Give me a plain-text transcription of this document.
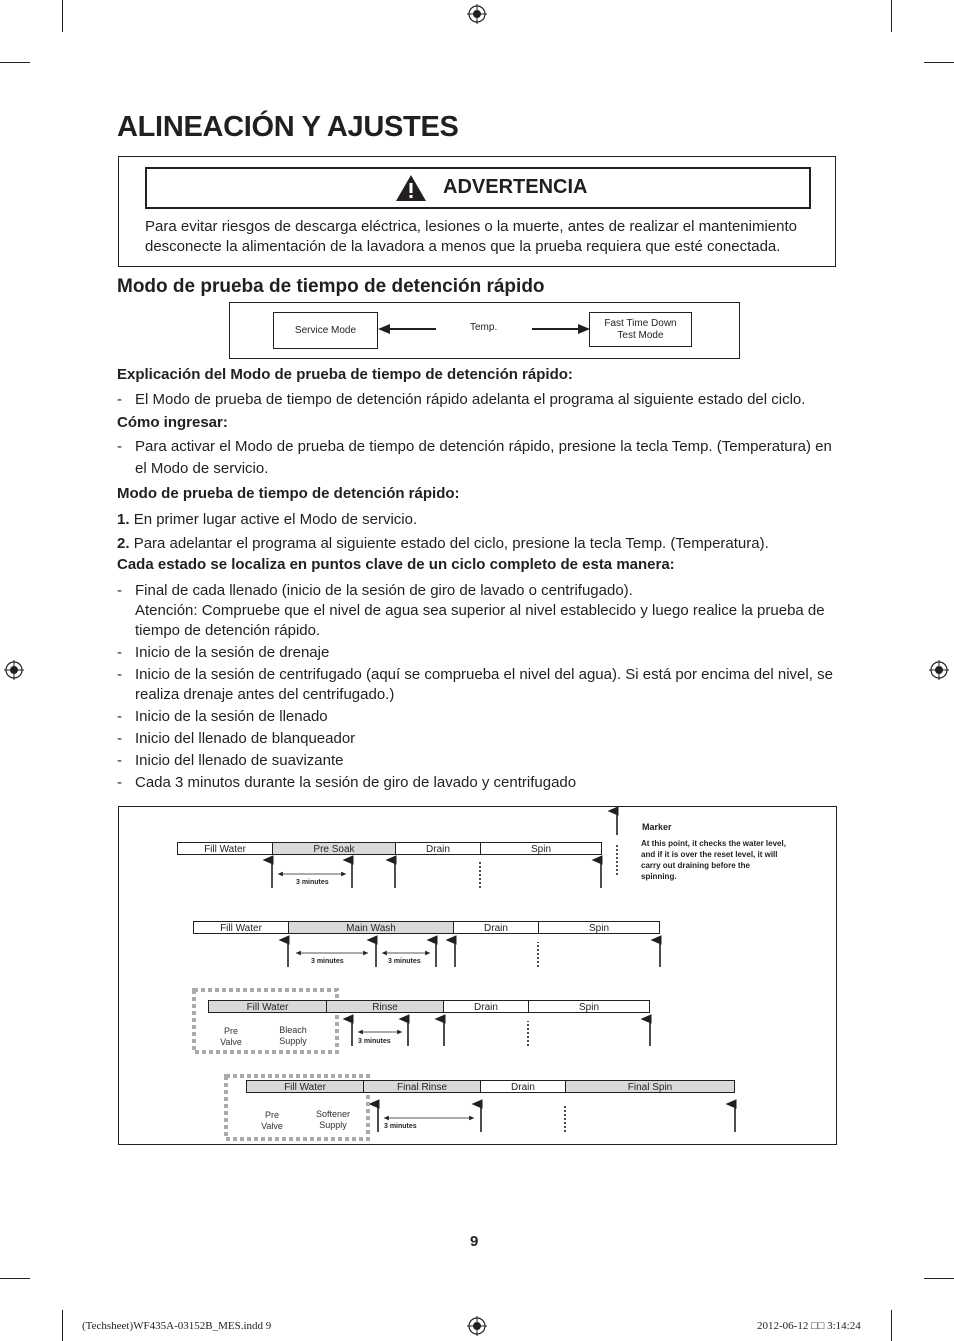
ALINEACIÓN Y AJUSTES
ADVERTENCIA
Para evitar riesgos de descarga eléctrica, lesiones o la muerte, antes de realizar el mantenimiento desconecte la alimentación de la lavadora a menos que la prueba requiera que esté conectada.
Modo de prueba de tiempo de detención rápido
Service Mode	Temp.	Fast Time Down Test Mode
Explicación del Modo de prueba de tiempo de detención rápido:
- El Modo de prueba de tiempo de detención rápido adelanta el programa al siguiente estado del ciclo.
Cómo ingresar:
- Para activar el Modo de prueba de tiempo de detención rápido, presione la tecla Temp. (Temperatura) en el Modo de servicio.
Modo de prueba de tiempo de detención rápido:
1. En primer lugar active el Modo de servicio.
2. Para adelantar el programa al siguiente estado del ciclo, presione la tecla Temp. (Temperatura).
Cada estado se localiza en puntos clave de un ciclo completo de esta manera:
- Final de cada llenado (inicio de la sesión de giro de lavado o centrifugado).
Atención: Compruebe que el nivel de agua sea superior al nivel establecido y luego realice la prueba de tiempo de detención rápido.
- Inicio de la sesión de drenaje
- Inicio de la sesión de centrifugado (aquí se comprueba el nivel del agua). Si está por encima del nivel, se realiza drenaje antes del centrifugado.)
- Inicio de la sesión de llenado
- Inicio del llenado de blanqueador
- Inicio del llenado de suavizante
- Cada 3 minutos durante la sesión de giro de lavado y centrifugado
Marker
At this point, it checks the water level, and if it is over the reset level, it will carry out draining before the spinning.
Fill Water	Pre Soak	Drain	Spin
3 minutes
Fill Water	Main Wash	Drain	Spin
3 minutes	3 minutes
Fill Water	Rinse	Drain	Spin
Pre Valve
Bleach Supply	3 minutes
Fill Water	Final Rinse	Drain	Final Spin
Pre Valve
Softener Supply	3 minutes
9
(Techsheet)WF435A-03152B_MES.indd 9	2012-06-12 □□ 3:14:24
